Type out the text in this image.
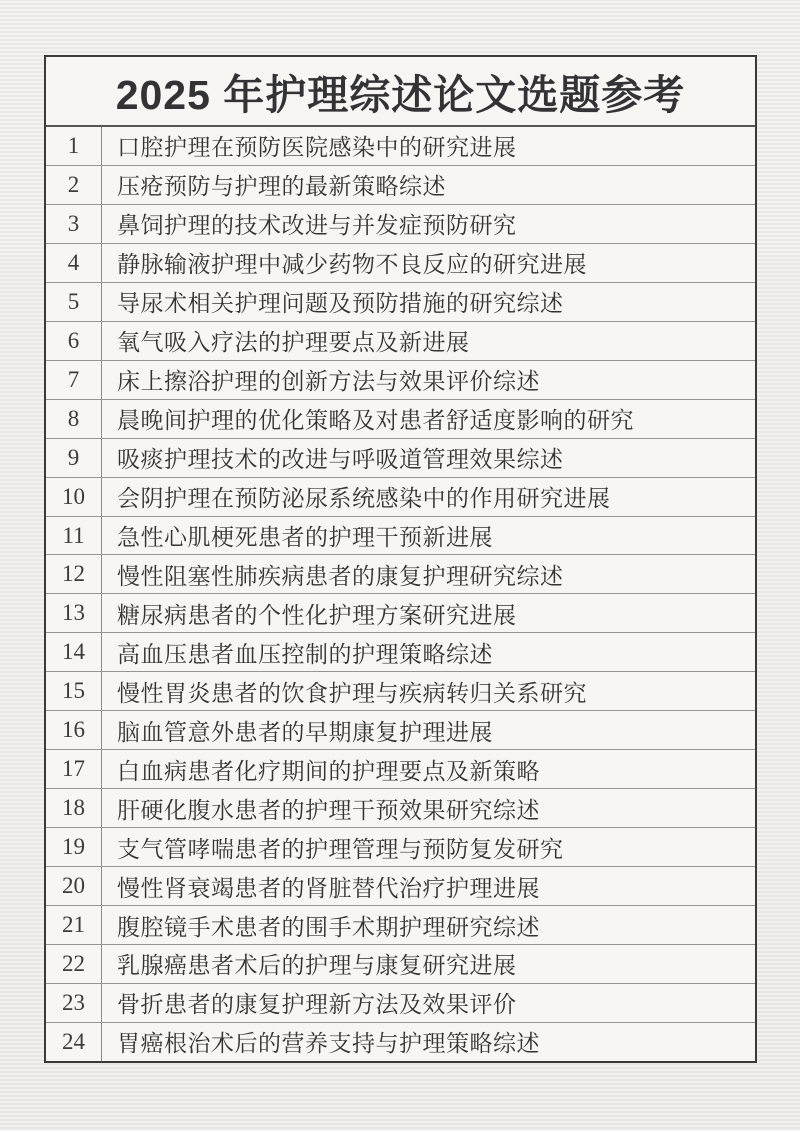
2025 年护理综述论文选题参考
1	口腔护理在预防医院感染中的研究进展
2	压疮预防与护理的最新策略综述
3	鼻饲护理的技术改进与并发症预防研究
4	静脉输液护理中减少药物不良反应的研究进展
5	导尿术相关护理问题及预防措施的研究综述
6	氧气吸入疗法的护理要点及新进展
7	床上擦浴护理的创新方法与效果评价综述
8	晨晚间护理的优化策略及对患者舒适度影响的研究
9	吸痰护理技术的改进与呼吸道管理效果综述
10	会阴护理在预防泌尿系统感染中的作用研究进展
11	急性心肌梗死患者的护理干预新进展
12	慢性阻塞性肺疾病患者的康复护理研究综述
13	糖尿病患者的个性化护理方案研究进展
14	高血压患者血压控制的护理策略综述
15	慢性胃炎患者的饮食护理与疾病转归关系研究
16	脑血管意外患者的早期康复护理进展
17	白血病患者化疗期间的护理要点及新策略
18	肝硬化腹水患者的护理干预效果研究综述
19	支气管哮喘患者的护理管理与预防复发研究
20	慢性肾衰竭患者的肾脏替代治疗护理进展
21	腹腔镜手术患者的围手术期护理研究综述
22	乳腺癌患者术后的护理与康复研究进展
23	骨折患者的康复护理新方法及效果评价
24	胃癌根治术后的营养支持与护理策略综述
